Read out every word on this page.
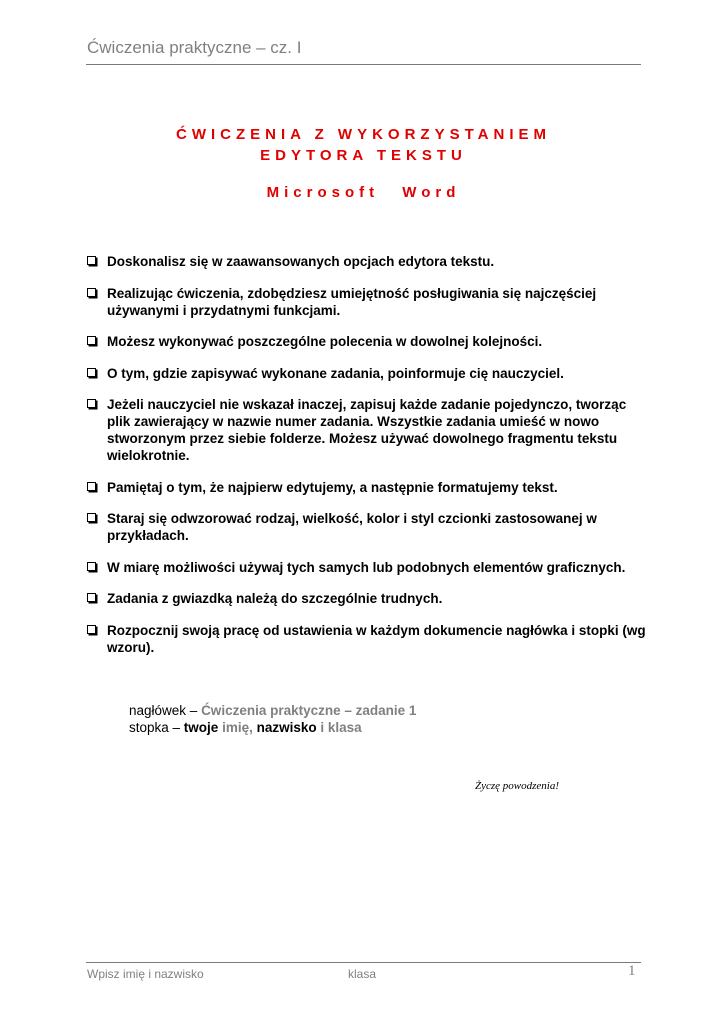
Ćwiczenia praktyczne – cz. I
ĆWICZENIA Z WYKORZYSTANIEM
EDYTORA TEKSTU
Microsoft Word
Doskonalisz się w zaawansowanych opcjach edytora tekstu.
Realizując ćwiczenia, zdobędziesz umiejętność posługiwania się najczęściej używanymi i przydatnymi funkcjami.
Możesz wykonywać poszczególne polecenia w dowolnej kolejności.
O tym, gdzie zapisywać wykonane zadania, poinformuje cię nauczyciel.
Jeżeli nauczyciel nie wskazał inaczej, zapisuj każde zadanie pojedynczo, tworząc plik zawierający w nazwie numer zadania. Wszystkie zadania umieść w nowo stworzonym przez siebie folderze. Możesz używać dowolnego fragmentu tekstu wielokrotnie.
Pamiętaj o tym, że najpierw edytujemy, a następnie formatujemy tekst.
Staraj się odwzorować rodzaj, wielkość, kolor i styl czcionki zastosowanej w przykładach.
W miarę możliwości używaj tych samych lub podobnych elementów graficznych.
Zadania z gwiazdką należą do szczególnie trudnych.
Rozpocznij swoją pracę od ustawienia w każdym dokumencie nagłówka i stopki (wg wzoru).
nagłówek – Ćwiczenia praktyczne – zadanie 1
stopka – twoje imię, nazwisko i klasa
Życzę powodzenia!
Wpisz imię i nazwisko	klasa	1
